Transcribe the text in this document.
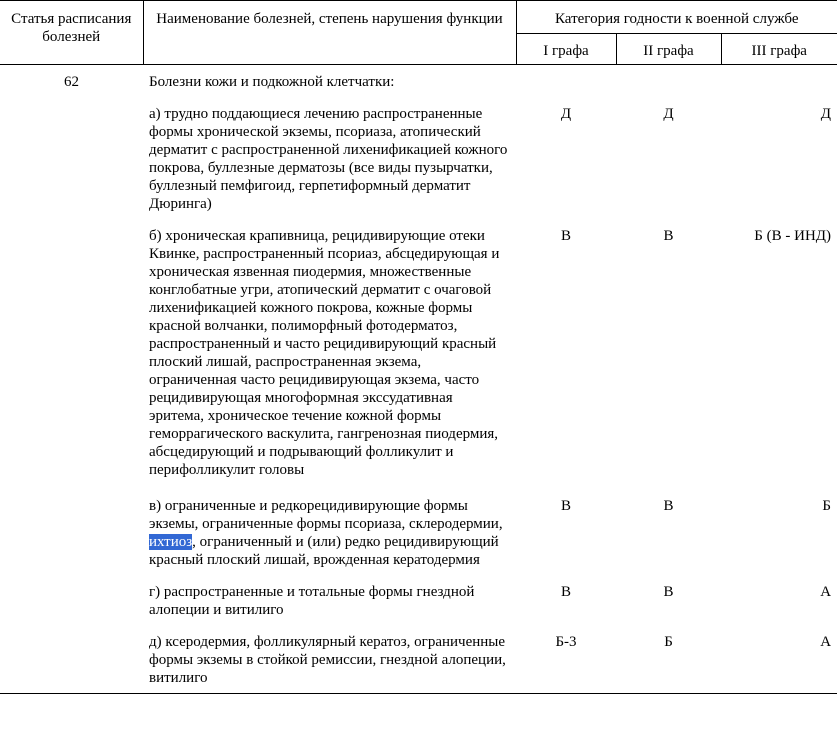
Статья расписания болезней	Наименование болезней, степень нарушения функции	Категория годности к военной службе		
		I графа	II графа	III графа
62	Болезни кожи и подкожной клетчатки:			
	а) трудно поддающиеся лечению распространенные формы хронической экземы, псориаза, атопический дерматит с распространенной лихенификацией кожного покрова, буллезные дерматозы (все виды пузырчатки, буллезный пемфигоид, герпетиформный дерматит Дюринга)	Д	Д	Д
	б) хроническая крапивница, рецидивирующие отеки Квинке, распространенный псориаз, абсцедирующая и хроническая язвенная пиодермия, множественные конглобатные угри, атопический дерматит с очаговой лихенификацией кожного покрова, кожные формы красной волчанки, полиморфный фотодерматоз, распространенный и часто рецидивирующий красный плоский лишай, распространенная экзема, ограниченная часто рецидивирующая экзема, часто рецидивирующая многоформная экссудативная эритема, хроническое течение кожной формы геморрагического васкулита, гангренозная пиодермия, абсцедирующий и подрывающий фолликулит и перифолликулит головы	В	В	Б (В - ИНД)
	в) ограниченные и редкорецидивирующие формы экземы, ограниченные формы псориаза, склеродермии, ихтиоз, ограниченный и (или) редко рецидивирующий красный плоский лишай, врожденная кератодермия	В	В	Б
	г) распространенные и тотальные формы гнездной алопеции и витилиго	В	В	А
	д) ксеродермия, фолликулярный кератоз, ограниченные формы экземы в стойкой ремиссии, гнездной алопеции, витилиго	Б-3	Б	А
